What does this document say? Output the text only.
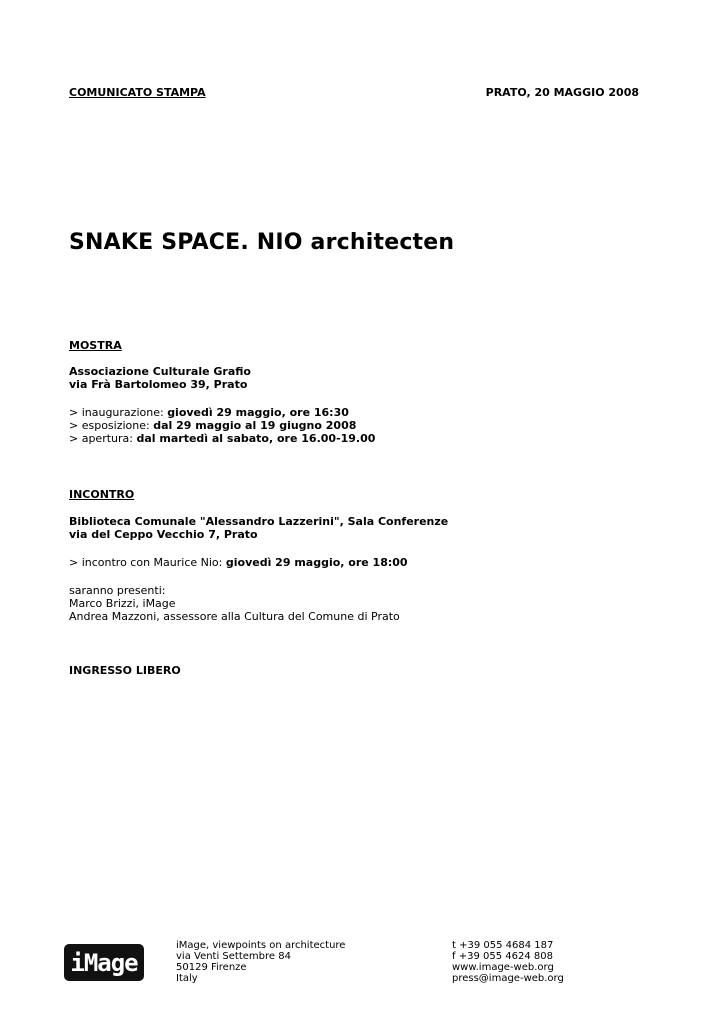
COMUNICATO STAMPA	PRATO, 20 MAGGIO 2008
SNAKE SPACE. NIO architecten
MOSTRA
Associazione Culturale Grafio
via Frà Bartolomeo 39, Prato
> inaugurazione: giovedì 29 maggio, ore 16:30
> esposizione: dal 29 maggio al 19 giugno 2008
> apertura: dal martedì al sabato, ore 16.00-19.00
INCONTRO
Biblioteca Comunale "Alessandro Lazzerini", Sala Conferenze
via del Ceppo Vecchio 7, Prato
> incontro con Maurice Nio: giovedì 29 maggio, ore 18:00
saranno presenti:
Marco Brizzi, iMage
Andrea Mazzoni, assessore alla Cultura del Comune di Prato
INGRESSO LIBERO
iMage
iMage, viewpoints on architecture
via Venti Settembre 84
50129 Firenze
Italy
t +39 055 4684 187
f +39 055 4624 808
www.image-web.org
press@image-web.org
